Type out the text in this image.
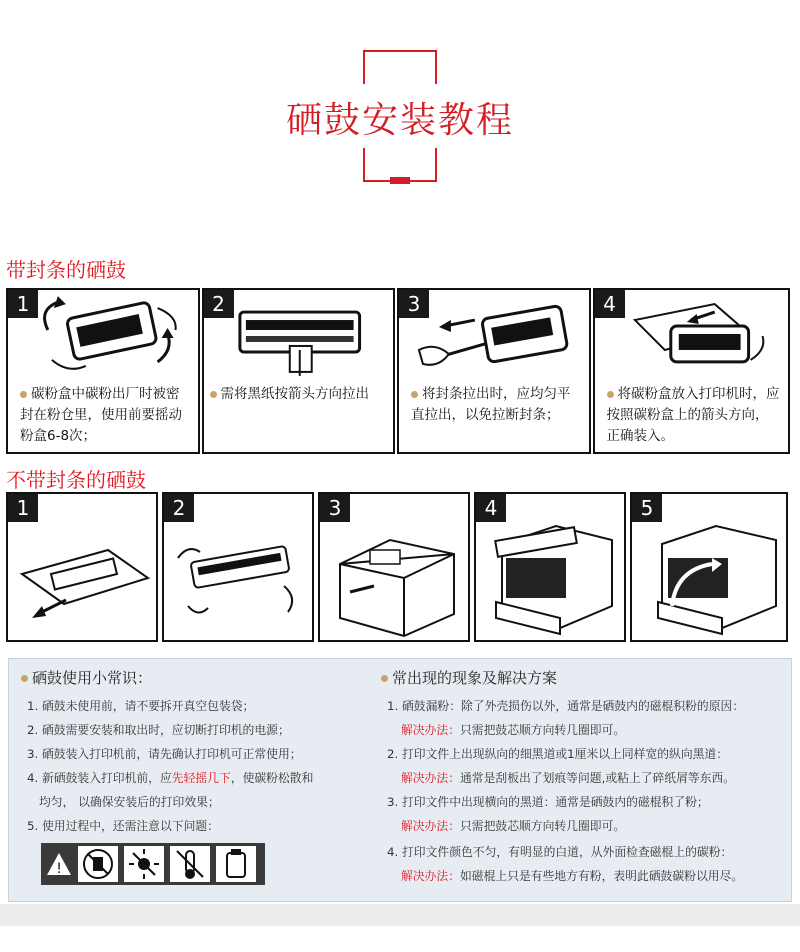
硒鼓安装教程
带封条的硒鼓
1
碳粉盒中碳粉出厂时被密封在粉仓里，使用前要摇动粉盒6-8次；
2
需将黑纸按箭头方向拉出
3
将封条拉出时，应均匀平直拉出，以免拉断封条；
4
将碳粉盒放入打印机时，应按照碳粉盒上的箭头方向，正确装入。
不带封条的硒鼓
1	2	3	4	5
硒鼓使用小常识：
1. 硒鼓未使用前，请不要拆开真空包装袋；
2. 硒鼓需要安装和取出时，应切断打印机的电源；
3. 硒鼓装入打印机前，请先确认打印机可正常使用；
4. 新硒鼓装入打印机前，应先轻摇几下，使碳粉松散和
均匀， 以确保安装后的打印效果；
5. 使用过程中，还需注意以下问题：
!
常出现的现象及解决方案
1. 硒鼓漏粉：除了外壳损伤以外，通常是硒鼓内的磁棍积粉的原因：
解决办法：只需把鼓芯顺方向转几圈即可。
2. 打印文件上出现纵向的细黑道或1厘米以上同样宽的纵向黑道：
解决办法：通常是刮板出了划痕等问题,或粘上了碎纸屑等东西。
3. 打印文件中出现横向的黑道：通常是硒鼓内的磁棍积了粉；
解决办法：只需把鼓芯顺方向转几圈即可。
4. 打印文件颜色不匀，有明显的白道，从外面检查磁棍上的碳粉：
解决办法：如磁棍上只是有些地方有粉，表明此硒鼓碳粉以用尽。
